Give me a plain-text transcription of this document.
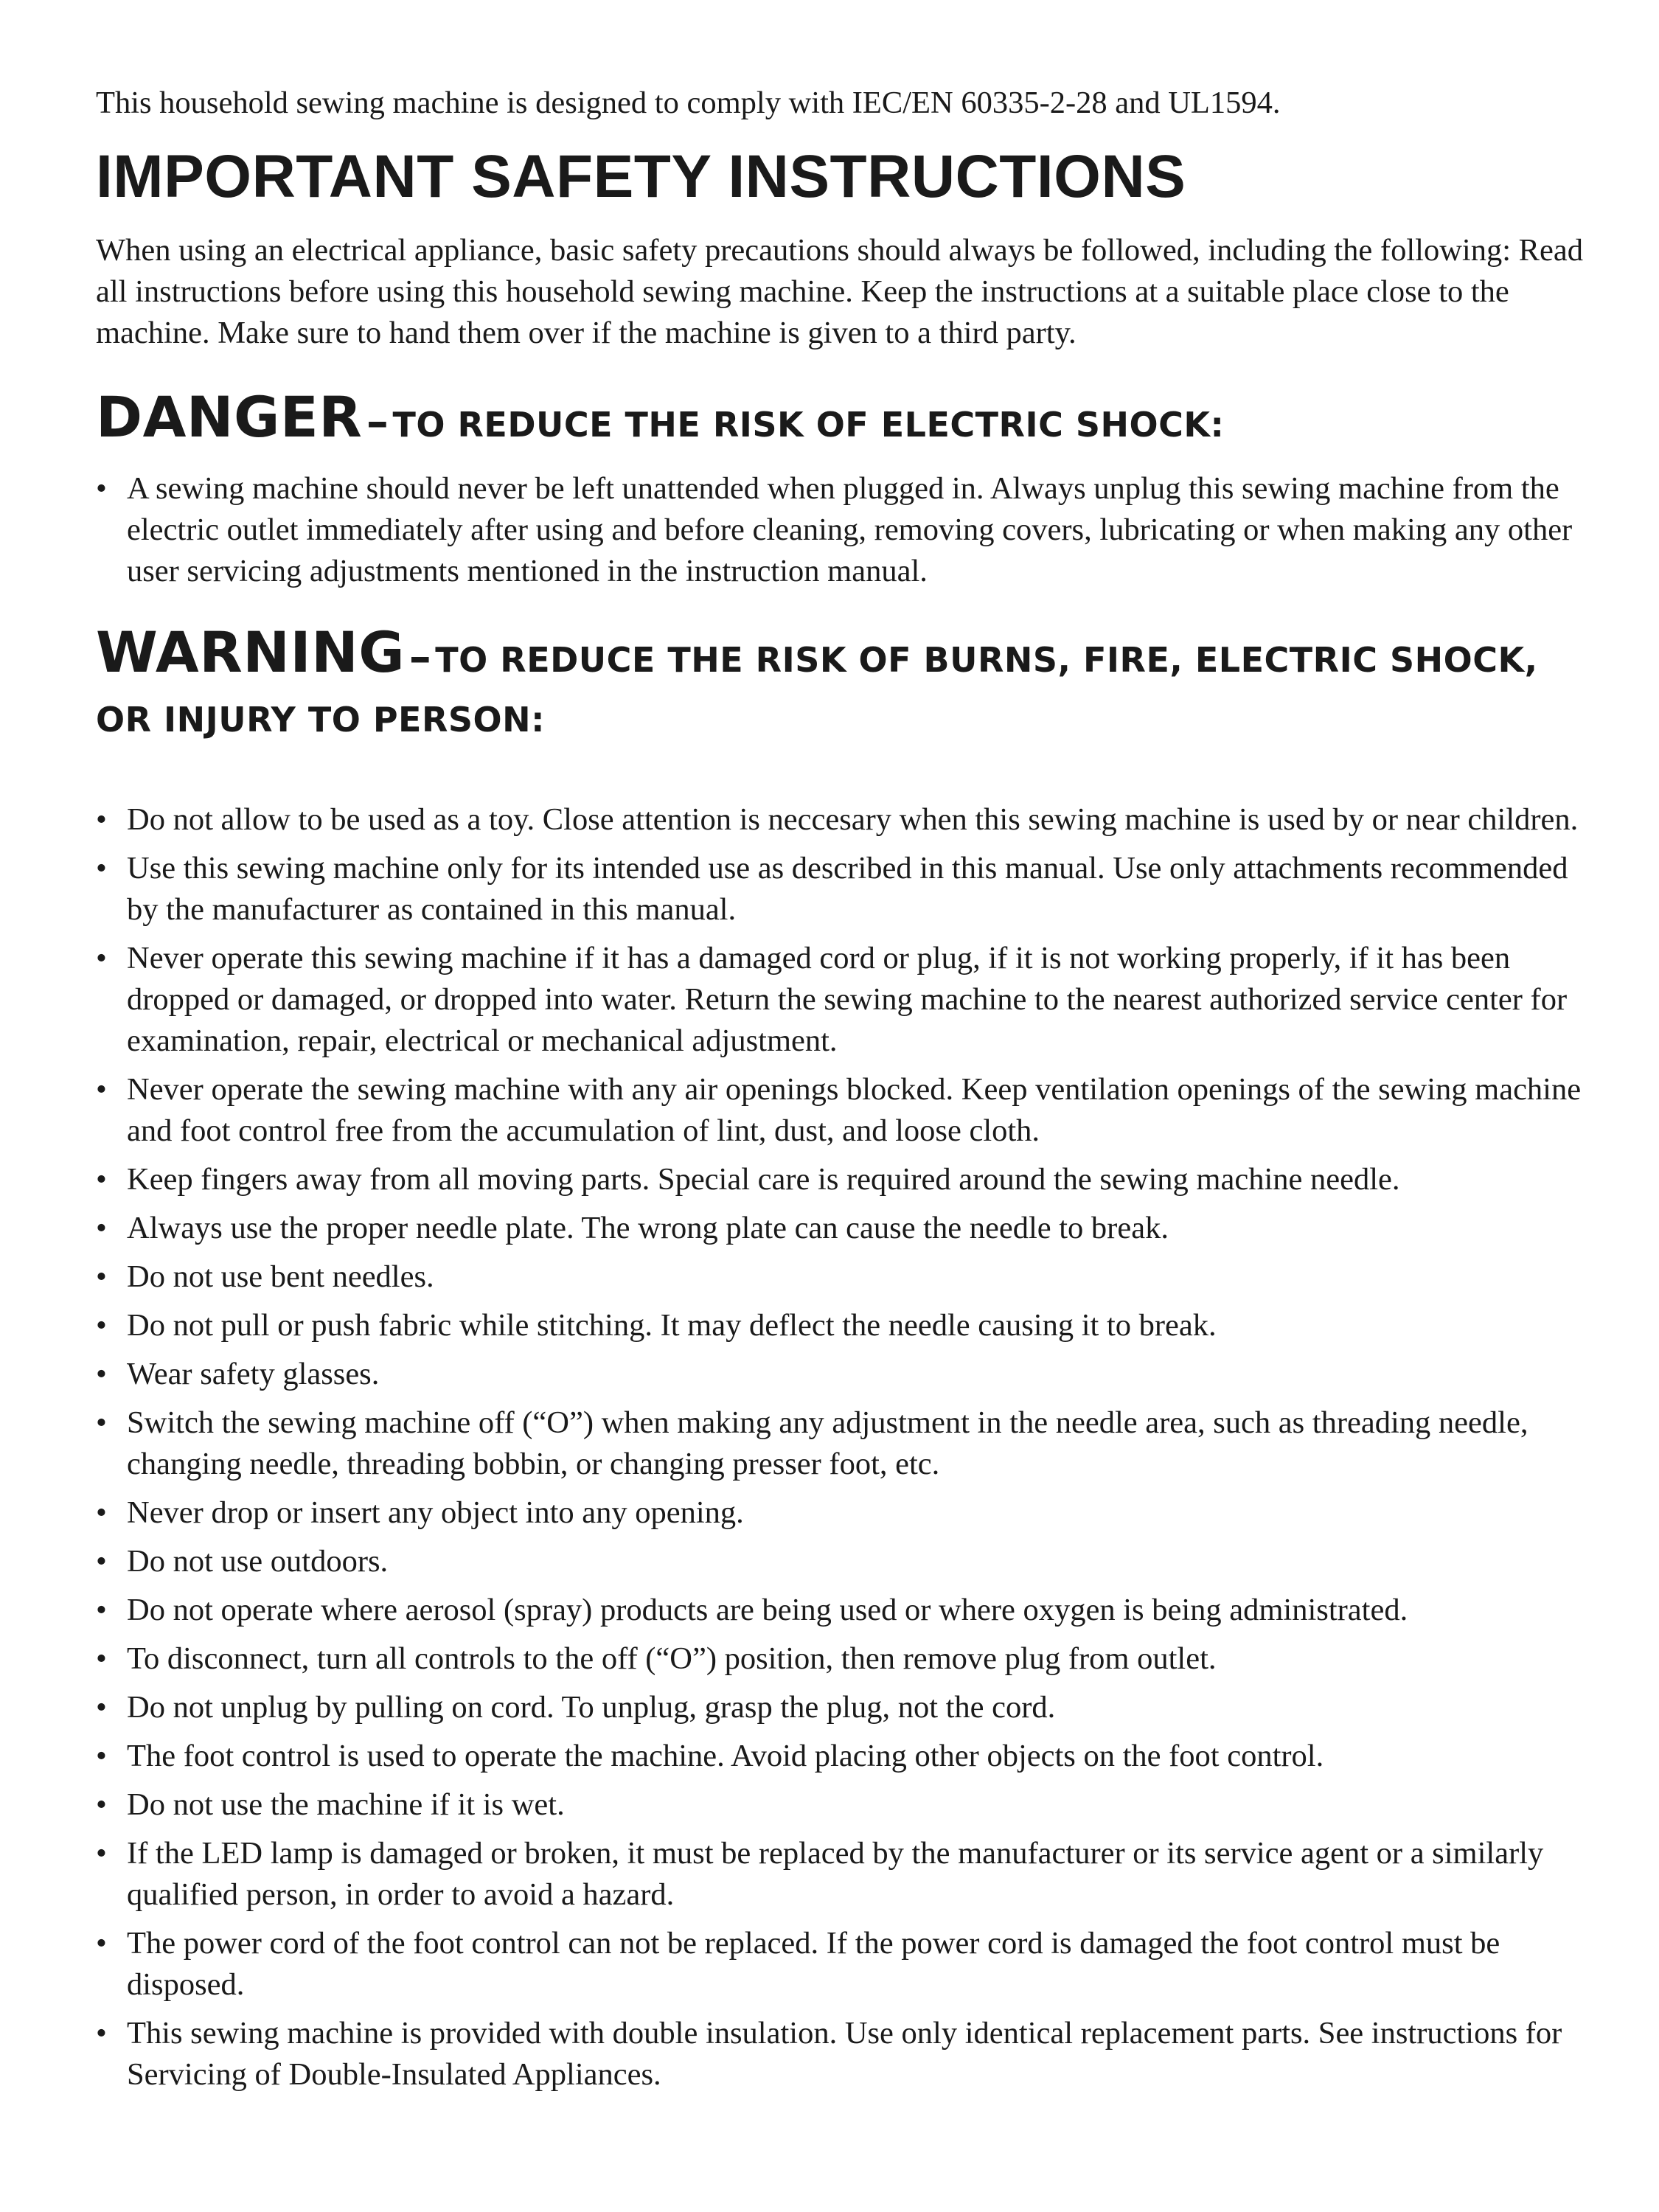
This household sewing machine is designed to comply with IEC/EN 60335-2-28 and UL1594.

IMPORTANT SAFETY INSTRUCTIONS

When using an electrical appliance, basic safety precautions should always be followed, including the following: Read all instructions before using this household sewing machine. Keep the instructions at a suitable place close to the machine. Make sure to hand them over if the machine is given to a third party.

DANGER – TO REDUCE THE RISK OF ELECTRIC SHOCK:
• A sewing machine should never be left unattended when plugged in. Always unplug this sewing machine from the electric outlet immediately after using and before cleaning, removing covers, lubricating or when making any other user servicing adjustments mentioned in the instruction manual.
WARNING – TO REDUCE THE RISK OF BURNS, FIRE, ELECTRIC SHOCK, OR INJURY TO PERSON:
• Do not allow to be used as a toy. Close attention is neccesary when this sewing machine is used by or near children.
• Use this sewing machine only for its intended use as described in this manual. Use only attachments recommended by the manufacturer as contained in this manual.
• Never operate this sewing machine if it has a damaged cord or plug, if it is not working properly, if it has been dropped or damaged, or dropped into water. Return the sewing machine to the nearest authorized service center for examination, repair, electrical or mechanical adjustment.
• Never operate the sewing machine with any air openings blocked. Keep ventilation openings of the sewing machine and foot control free from the accumulation of lint, dust, and loose cloth.
• Keep fingers away from all moving parts. Special care is required around the sewing machine needle.
• Always use the proper needle plate. The wrong plate can cause the needle to break.
• Do not use bent needles.
• Do not pull or push fabric while stitching. It may deflect the needle causing it to break.
• Wear safety glasses.
• Switch the sewing machine off (“O”) when making any adjustment in the needle area, such as threading needle, changing needle, threading bobbin, or changing presser foot, etc.
• Never drop or insert any object into any opening.
• Do not use outdoors.
• Do not operate where aerosol (spray) products are being used or where oxygen is being administrated.
• To disconnect, turn all controls to the off (“O”) position, then remove plug from outlet.
• Do not unplug by pulling on cord. To unplug, grasp the plug, not the cord.
• The foot control is used to operate the machine. Avoid placing other objects on the foot control.
• Do not use the machine if it is wet.
• If the LED lamp is damaged or broken, it must be replaced by the manufacturer or its service agent or a similarly qualified person, in order to avoid a hazard.
• The power cord of the foot control can not be replaced. If the power cord is damaged the foot control must be disposed.
• This sewing machine is provided with double insulation. Use only identical replacement parts. See instructions for Servicing of Double-Insulated Appliances.
